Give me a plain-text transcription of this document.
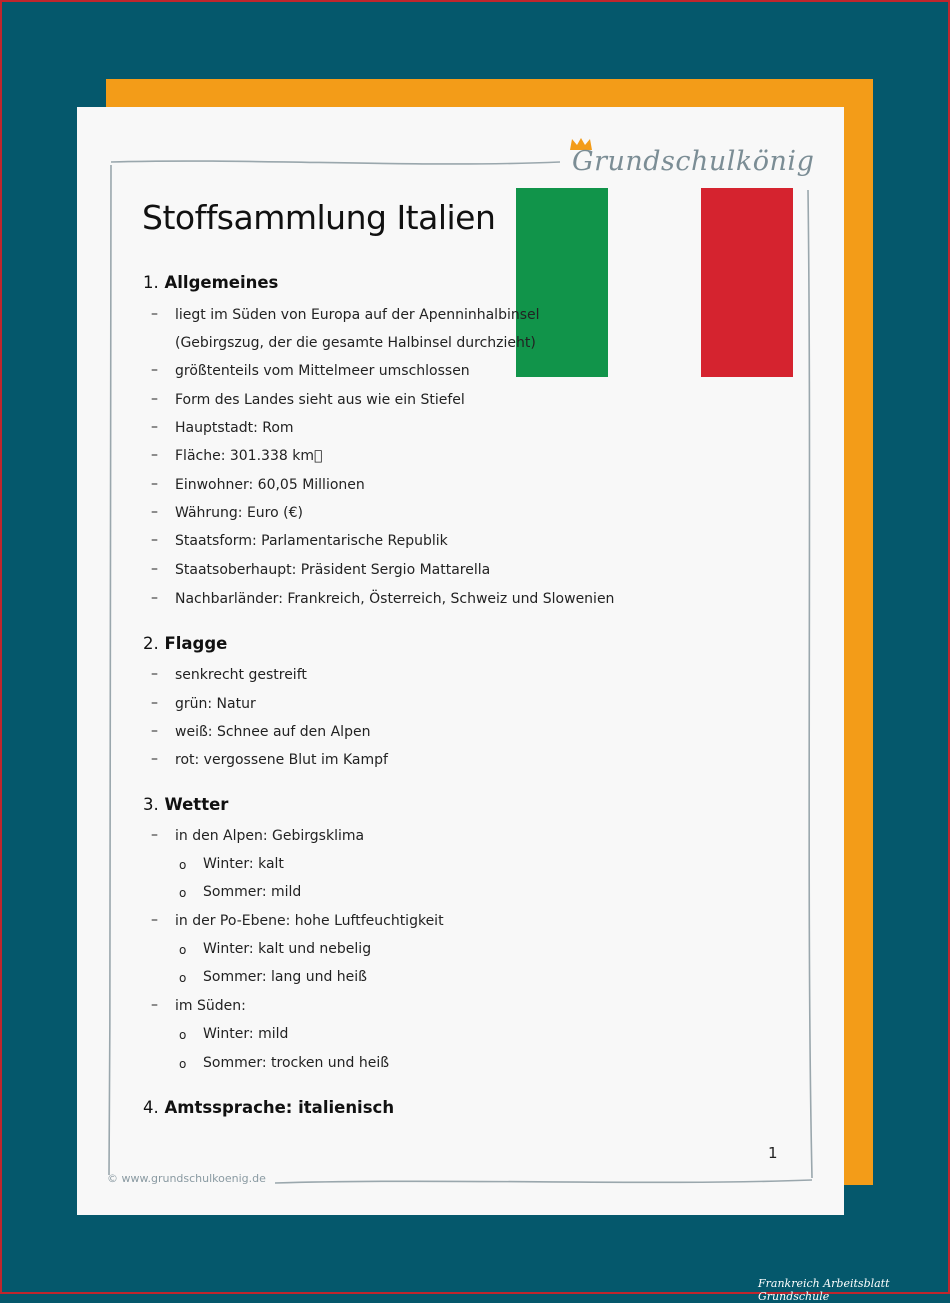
Grundschulkönig
Stoffsammlung Italien
1. Allgemeines
– liegt im Süden von Europa auf der Apenninhalbinsel
(Gebirgszug, der die gesamte Halbinsel durchzieht)
– größtenteils vom Mittelmeer umschlossen
– Form des Landes sieht aus wie ein Stiefel
– Hauptstadt: Rom
– Fläche: 301.338 km 
– Einwohner: 60,05 Millionen
– Währung: Euro (€)
– Staatsform: Parlamentarische Republik
– Staatsoberhaupt: Präsident Sergio Mattarella
– Nachbarländer: Frankreich, Österreich, Schweiz und Slowenien
2. Flagge
– senkrecht gestreift
– grün: Natur
– weiß: Schnee auf den Alpen
– rot: vergossene Blut im Kampf
3. Wetter
– in den Alpen: Gebirgsklima
o Winter: kalt
o Sommer: mild
– in der Po-Ebene: hohe Luftfeuchtigkeit
o Winter: kalt und nebelig
o Sommer: lang und heiß
– im Süden:
o Winter: mild
o Sommer: trocken und heiß
4. Amtssprache: italienisch
1
© www.grundschulkoenig.de
Frankreich Arbeitsblatt Grundschule
